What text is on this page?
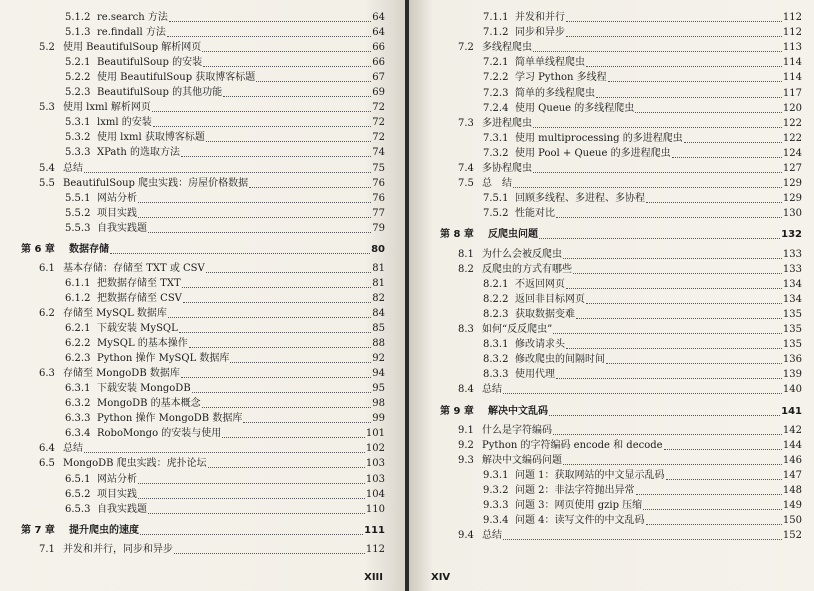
5.1.2 re.search 方法	64
5.1.3 re.findall 方法	64
5.2 使用 BeautifulSoup 解析网页	66
5.2.1 BeautifulSoup 的安装	66
5.2.2 使用 BeautifulSoup 获取博客标题	67
5.2.3 BeautifulSoup 的其他功能	69
5.3 使用 lxml 解析网页	72
5.3.1 lxml 的安装	72
5.3.2 使用 lxml 获取博客标题	72
5.3.3 XPath 的选取方法	74
5.4 总结	75
5.5 BeautifulSoup 爬虫实践：房屋价格数据	76
5.5.1 网站分析	76
5.5.2 项目实践	77
5.5.3 自我实践题	79
第 6 章	数据存储	80
6.1 基本存储：存储至 TXT 或 CSV	81
6.1.1 把数据存储至 TXT	81
6.1.2 把数据存储至 CSV	82
6.2 存储至 MySQL 数据库	84
6.2.1 下载安装 MySQL	85
6.2.2 MySQL 的基本操作	88
6.2.3 Python 操作 MySQL 数据库	92
6.3 存储至 MongoDB 数据库	94
6.3.1 下载安装 MongoDB	95
6.3.2 MongoDB 的基本概念	98
6.3.3 Python 操作 MongoDB 数据库	99
6.3.4 RoboMongo 的安装与使用	101
6.4 总结	102
6.5 MongoDB 爬虫实践：虎扑论坛	103
6.5.1 网站分析	103
6.5.2 项目实践	104
6.5.3 自我实践题	110
第 7 章	提升爬虫的速度	111
7.1 并发和并行，同步和异步	112
XIII
7.1.1 并发和并行	112
7.1.2 同步和异步	112
7.2 多线程爬虫	113
7.2.1 简单单线程爬虫	114
7.2.2 学习 Python 多线程	114
7.2.3 简单的多线程爬虫	117
7.2.4 使用 Queue 的多线程爬虫	120
7.3 多进程爬虫	122
7.3.1 使用 multiprocessing 的多进程爬虫	122
7.3.2 使用 Pool + Queue 的多进程爬虫	124
7.4 多协程爬虫	127
7.5 总　结	129
7.5.1 回顾多线程、多进程、多协程	129
7.5.2 性能对比	130
第 8 章	反爬虫问题	132
8.1 为什么会被反爬虫	133
8.2 反爬虫的方式有哪些	133
8.2.1 不返回网页	134
8.2.2 返回非目标网页	134
8.2.3 获取数据变难	135
8.3 如何“反反爬虫”	135
8.3.1 修改请求头	135
8.3.2 修改爬虫的间隔时间	136
8.3.3 使用代理	139
8.4 总结	140
第 9 章	解决中文乱码	141
9.1 什么是字符编码	142
9.2 Python 的字符编码 encode 和 decode	144
9.3 解决中文编码问题	146
9.3.1 问题 1：获取网站的中文显示乱码	147
9.3.2 问题 2：非法字符抛出异常	148
9.3.3 问题 3：网页使用 gzip 压缩	149
9.3.4 问题 4：读写文件的中文乱码	150
9.4 总结	152
XIV
